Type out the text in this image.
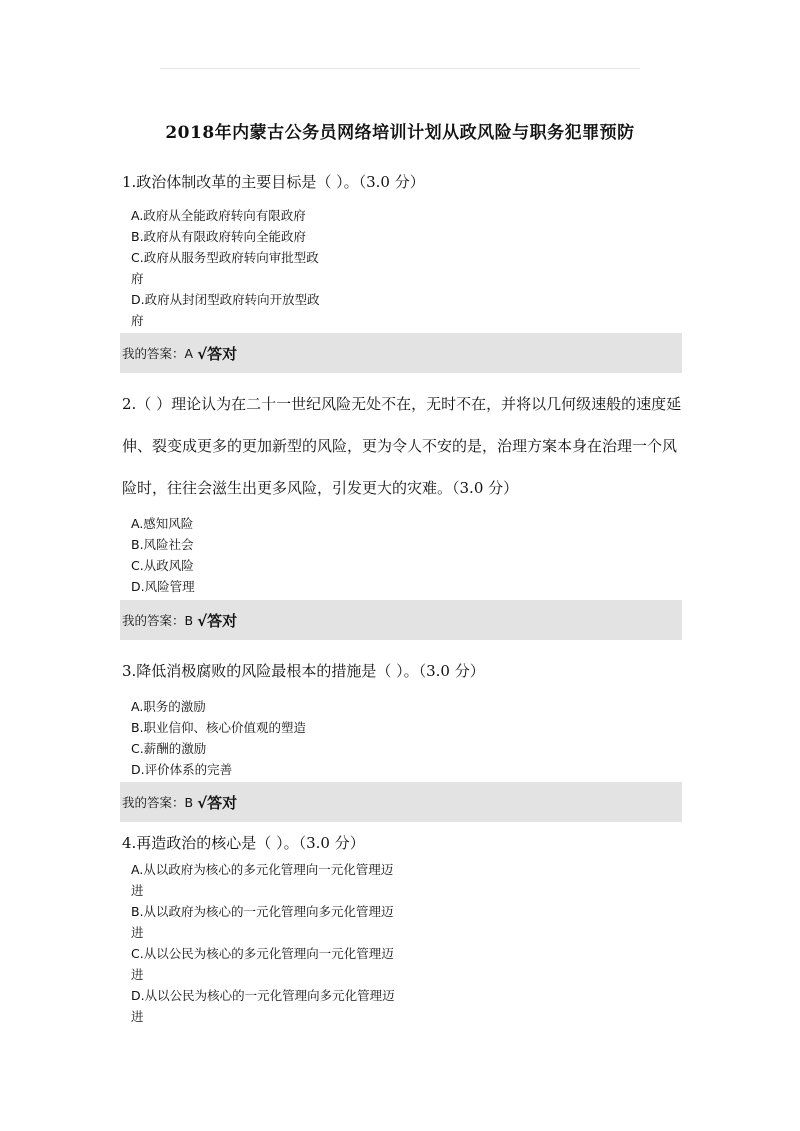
2018年内蒙古公务员网络培训计划从政风险与职务犯罪预防
1.政治体制改革的主要目标是（ ）。（3.0 分）
A.政府从全能政府转向有限政府
B.政府从有限政府转向全能政府
C.政府从服务型政府转向审批型政
府
D.政府从封闭型政府转向开放型政
府
我的答案：A √答对
2.（ ）理论认为在二十一世纪风险无处不在，无时不在，并将以几何级速般的速度延伸、裂变成更多的更加新型的风险，更为令人不安的是，治理方案本身在治理一个风险时，往往会滋生出更多风险，引发更大的灾难。（3.0 分）
A.感知风险
B.风险社会
C.从政风险
D.风险管理
我的答案：B √答对
3.降低消极腐败的风险最根本的措施是（ ）。（3.0 分）
A.职务的激励
B.职业信仰、核心价值观的塑造
C.薪酬的激励
D.评价体系的完善
我的答案：B √答对
4.再造政治的核心是（ ）。（3.0 分）
A.从以政府为核心的多元化管理向一元化管理迈
进
B.从以政府为核心的一元化管理向多元化管理迈
进
C.从以公民为核心的多元化管理向一元化管理迈
进
D.从以公民为核心的一元化管理向多元化管理迈
进
